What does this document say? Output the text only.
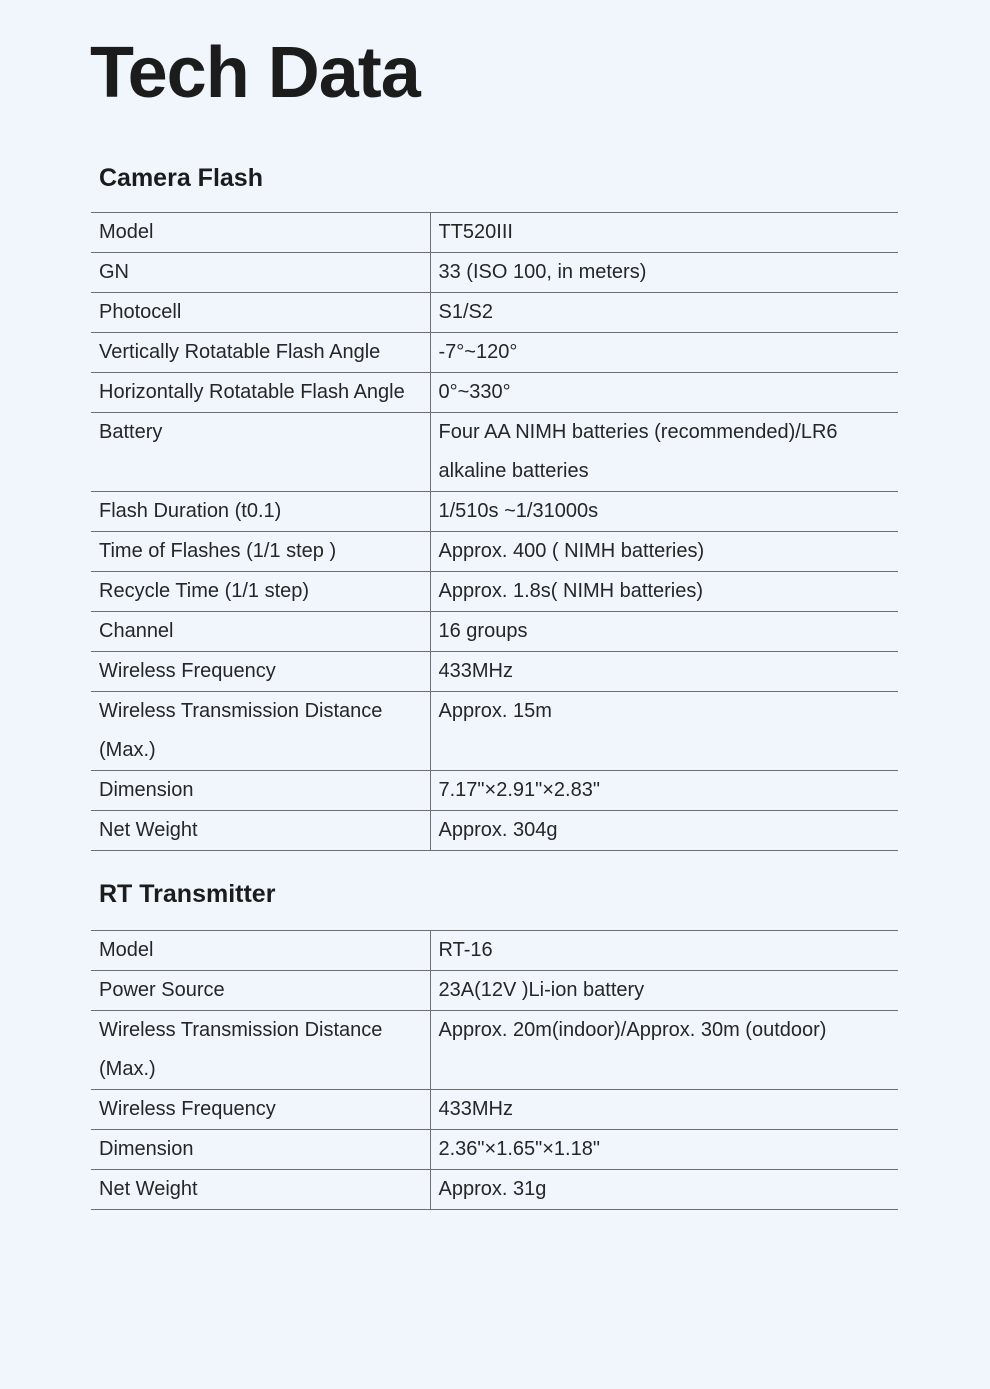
Tech Data
Camera Flash
Model	TT520III
GN	33 (ISO 100, in meters)
Photocell	S1/S2
Vertically Rotatable Flash Angle	-7°~120°
Horizontally Rotatable Flash Angle	0°~330°
Battery	Four AA NIMH batteries (recommended)/LR6 alkaline batteries
Flash Duration (t0.1)	1/510s ~1/31000s
Time of Flashes (1/1 step )	Approx. 400 ( NIMH batteries)
Recycle Time (1/1 step)	Approx. 1.8s( NIMH batteries)
Channel	16 groups
Wireless Frequency	433MHz
Wireless Transmission Distance (Max.)	Approx. 15m
Dimension	7.17"×2.91"×2.83"
Net Weight	Approx. 304g
RT Transmitter
Model	RT-16
Power Source	23A(12V )Li-ion battery
Wireless Transmission Distance (Max.)	Approx. 20m(indoor)/Approx. 30m (outdoor)
Wireless Frequency	433MHz
Dimension	2.36"×1.65"×1.18"
Net Weight	Approx. 31g
